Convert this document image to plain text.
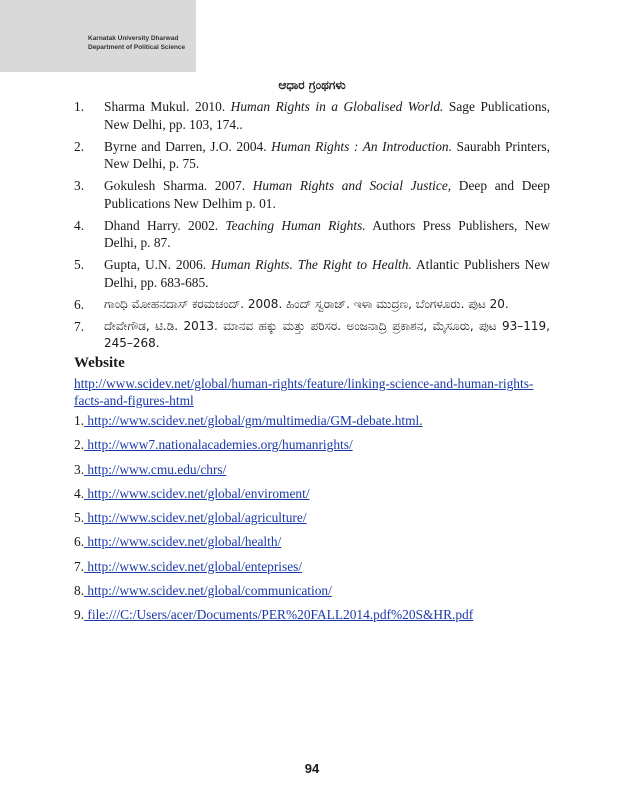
Karnatak University Dharwad
Department of Political Science
ಆಧಾರ ಗ್ರಂಥಗಳು
1.	Sharma Mukul. 2010. Human Rights in a Globalised World. Sage Publications, New Delhi, pp. 103, 174..
2.	Byrne and Darren, J.O. 2004. Human Rights : An Introduction. Saurabh Printers, New Delhi, p. 75.
3.	Gokulesh Sharma. 2007. Human Rights and Social Justice, Deep and Deep Publications New Delhim p. 01.
4.	Dhand Harry. 2002. Teaching Human Rights. Authors Press Publishers, New Delhi, p. 87.
5.	Gupta, U.N. 2006. Human Rights. The Right to Health. Atlantic Publishers New Delhi, pp. 683-685.
6.	ಗಾಂಧಿ ಮೋಹನದಾಸ್ ಕರಮಚಂದ್. 2008. ಹಿಂದ್ ಸ್ವರಾಜ್. ಇಳಾ ಮುದ್ರಣ, ಬೆಂಗಳೂರು. ಪುಟ 20.
7.	ದೇವೇಗೌಡ, ಟಿ.ಡಿ. 2013. ಮಾನವ ಹಕ್ಕು ಮತ್ತು ಪರಿಸರ. ಅಂಜನಾದ್ರಿ ಪ್ರಕಾಶನ, ಮೈಸೂರು, ಪುಟ 93–119, 245–268.
Website
http://www.scidev.net/global/human-rights/feature/linking-science-and-human-rights-facts-and-figures-html
1. http://www.scidev.net/global/gm/multimedia/GM-debate.html.
2. http://www7.nationalacademies.org/humanrights/
3. http://www.cmu.edu/chrs/
4. http://www.scidev.net/global/enviroment/
5. http://www.scidev.net/global/agriculture/
6. http://www.scidev.net/global/health/
7. http://www.scidev.net/global/enteprises/
8. http://www.scidev.net/global/communication/
9. file:///C:/Users/acer/Documents/PER%20FALL2014.pdf%20S&HR.pdf
94
